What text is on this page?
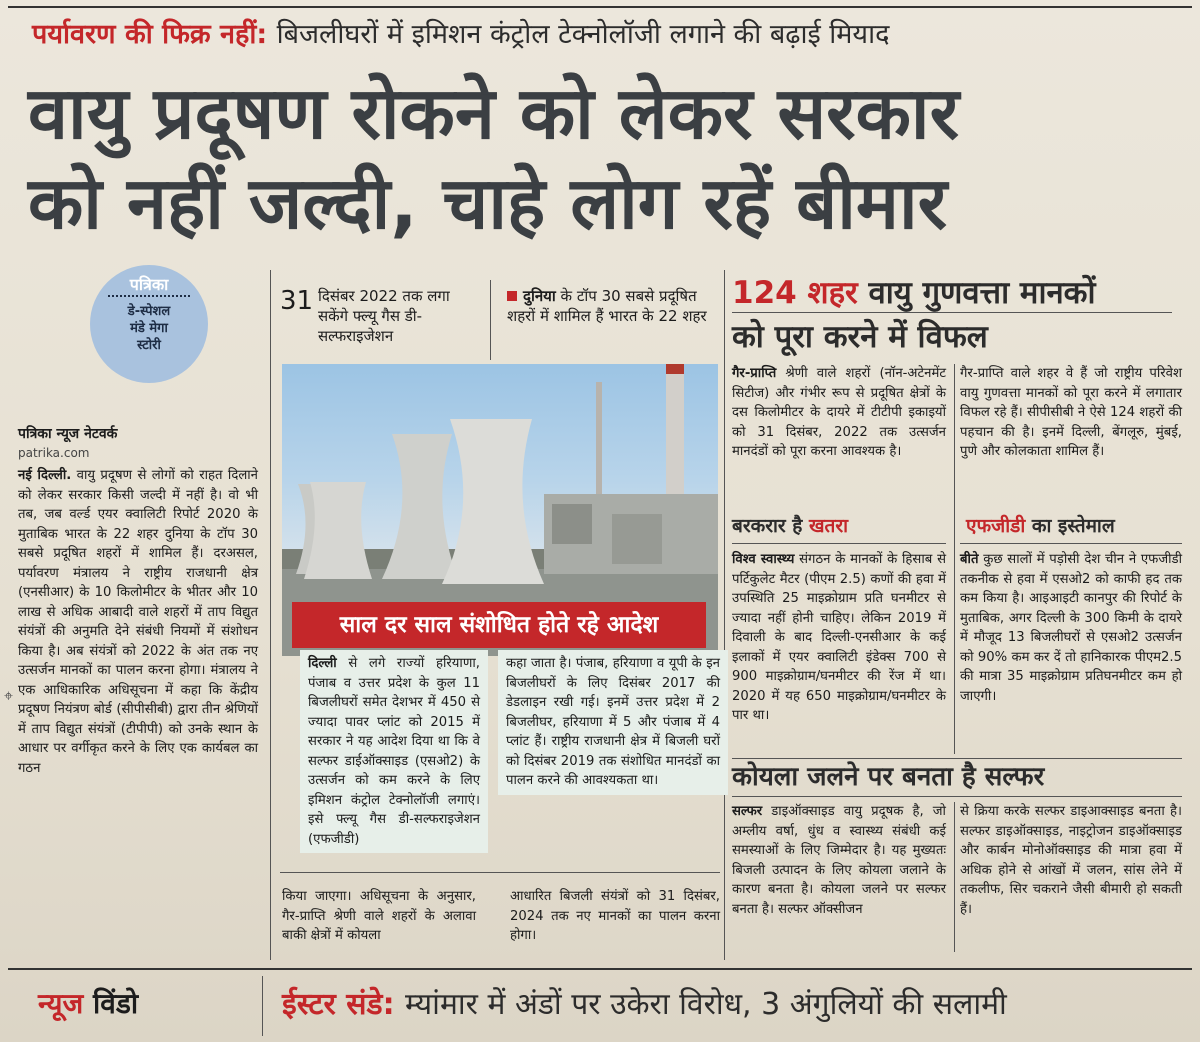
पर्यावरण की फिक्र नहीं: बिजलीघरों में इमिशन कंट्रोल टेक्नोलॉजी लगाने की बढ़ाई मियाद
वायु प्रदूषण रोकने को लेकर सरकार
को नहीं जल्दी, चाहे लोग रहें बीमार
पत्रिका
डे-स्पेशल
मंडे मेगा
स्टोरी
पत्रिका न्यूज नेटवर्क
patrika.com
नई दिल्ली. वायु प्रदूषण से लोगों को राहत दिलाने को लेकर सरकार किसी जल्दी में नहीं है। वो भी तब, जब वर्ल्ड एयर क्वालिटी रिपोर्ट 2020 के मुताबिक भारत के 22 शहर दुनिया के टॉप 30 सबसे प्रदूषित शहरों में शामिल हैं। दरअसल, पर्यावरण मंत्रालय ने राष्ट्रीय राजधानी क्षेत्र (एनसीआर) के 10 किलोमीटर के भीतर और 10 लाख से अधिक आबादी वाले शहरों में ताप विद्युत संयंत्रों की अनुमति देने संबंधी नियमों में संशोधन किया है। अब संयंत्रों को 2022 के अंत तक नए उत्सर्जन मानकों का पालन करना होगा। मंत्रालय ने एक आधिकारिक अधिसूचना में कहा कि केंद्रीय प्रदूषण नियंत्रण बोर्ड (सीपीसीबी) द्वारा तीन श्रेणियों में ताप विद्युत संयंत्रों (टीपीपी) को उनके स्थान के आधार पर वर्गीकृत करने के लिए एक कार्यबल का गठन
31 दिसंबर 2022 तक लगा सकेंगे फ्ल्यू गैस डी-सल्फराइजेशन
दुनिया के टॉप 30 सबसे प्रदूषित शहरों में शामिल हैं भारत के 22 शहर
साल दर साल संशोधित होते रहे आदेश
दिल्ली से लगे राज्यों हरियाणा, पंजाब व उत्तर प्रदेश के कुल 11 बिजलीघरों समेत देशभर में 450 से ज्यादा पावर प्लांट को 2015 में सरकार ने यह आदेश दिया था कि वे सल्फर डाईऑक्साइड (एसओ2) के उत्सर्जन को कम करने के लिए इमिशन कंट्रोल टेक्नोलॉजी लगाएं। इसे फ्ल्यू गैस डी-सल्फराइजेशन (एफजीडी)
कहा जाता है। पंजाब, हरियाणा व यूपी के इन बिजलीघरों के लिए दिसंबर 2017 की डेडलाइन रखी गई। इनमें उत्तर प्रदेश में 2 बिजलीघर, हरियाणा में 5 और पंजाब में 4 प्लांट हैं। राष्ट्रीय राजधानी क्षेत्र में बिजली घरों को दिसंबर 2019 तक संशोधित मानदंडों का पालन करने की आवश्यकता था।
किया जाएगा। अधिसूचना के अनुसार, गैर-प्राप्ति श्रेणी वाले शहरों के अलावा बाकी क्षेत्रों में कोयला
आधारित बिजली संयंत्रों को 31 दिसंबर, 2024 तक नए मानकों का पालन करना होगा।
124 शहर वायु गुणवत्ता मानकों
को पूरा करने में विफल
गैर-प्राप्ति श्रेणी वाले शहरों (नॉन-अटेनमेंट सिटीज) और गंभीर रूप से प्रदूषित क्षेत्रों के दस किलोमीटर के दायरे में टीटीपी इकाइयों को 31 दिसंबर, 2022 तक उत्सर्जन मानदंडों को पूरा करना आवश्यक है।
गैर-प्राप्ति वाले शहर वे हैं जो राष्ट्रीय परिवेश वायु गुणवत्ता मानकों को पूरा करने में लगातार विफल रहे हैं। सीपीसीबी ने ऐसे 124 शहरों की पहचान की है। इनमें दिल्ली, बेंगलूरु, मुंबई, पुणे और कोलकाता शामिल हैं।
बरकरार है खतरा
विश्व स्वास्थ्य संगठन के मानकों के हिसाब से पर्टिकुलेट मैटर (पीएम 2.5) कणों की हवा में उपस्थिति 25 माइक्रोग्राम प्रति घनमीटर से ज्यादा नहीं होनी चाहिए। लेकिन 2019 में दिवाली के बाद दिल्ली-एनसीआर के कई इलाकों में एयर क्वालिटी इंडेक्स 700 से 900 माइक्रोग्राम/घनमीटर की रेंज में था। 2020 में यह 650 माइक्रोग्राम/घनमीटर के पार था।
एफजीडी का इस्तेमाल
बीते कुछ सालों में पड़ोसी देश चीन ने एफजीडी तकनीक से हवा में एसओ2 को काफी हद तक कम किया है। आइआइटी कानपुर की रिपोर्ट के मुताबिक, अगर दिल्ली के 300 किमी के दायरे में मौजूद 13 बिजलीघरों से एसओ2 उत्सर्जन को 90% कम कर दें तो हानिकारक पीएम2.5 की मात्रा 35 माइक्रोग्राम प्रतिघनमीटर कम हो जाएगी।
कोयला जलने पर बनता है सल्फर
सल्फर डाइऑक्साइड वायु प्रदूषक है, जो अम्लीय वर्षा, धुंध व स्वास्थ्य संबंधी कई समस्याओं के लिए जिम्मेदार है। यह मुख्यतः बिजली उत्पादन के लिए कोयला जलाने के कारण बनता है। कोयला जलने पर सल्फर बनता है। सल्फर ऑक्सीजन
से क्रिया करके सल्फर डाइआक्साइड बनता है। सल्फर डाइऑक्साइड, नाइट्रोजन डाइऑक्साइड और कार्बन मोनोऑक्साइड की मात्रा हवा में अधिक होने से आंखों में जलन, सांस लेने में तकलीफ, सिर चकराने जैसी बीमारी हो सकती हैं।
⌖
न्यूज विंडो	ईस्टर संडे: म्यांमार में अंडों पर उकेरा विरोध, 3 अंगुलियों की सलामी
